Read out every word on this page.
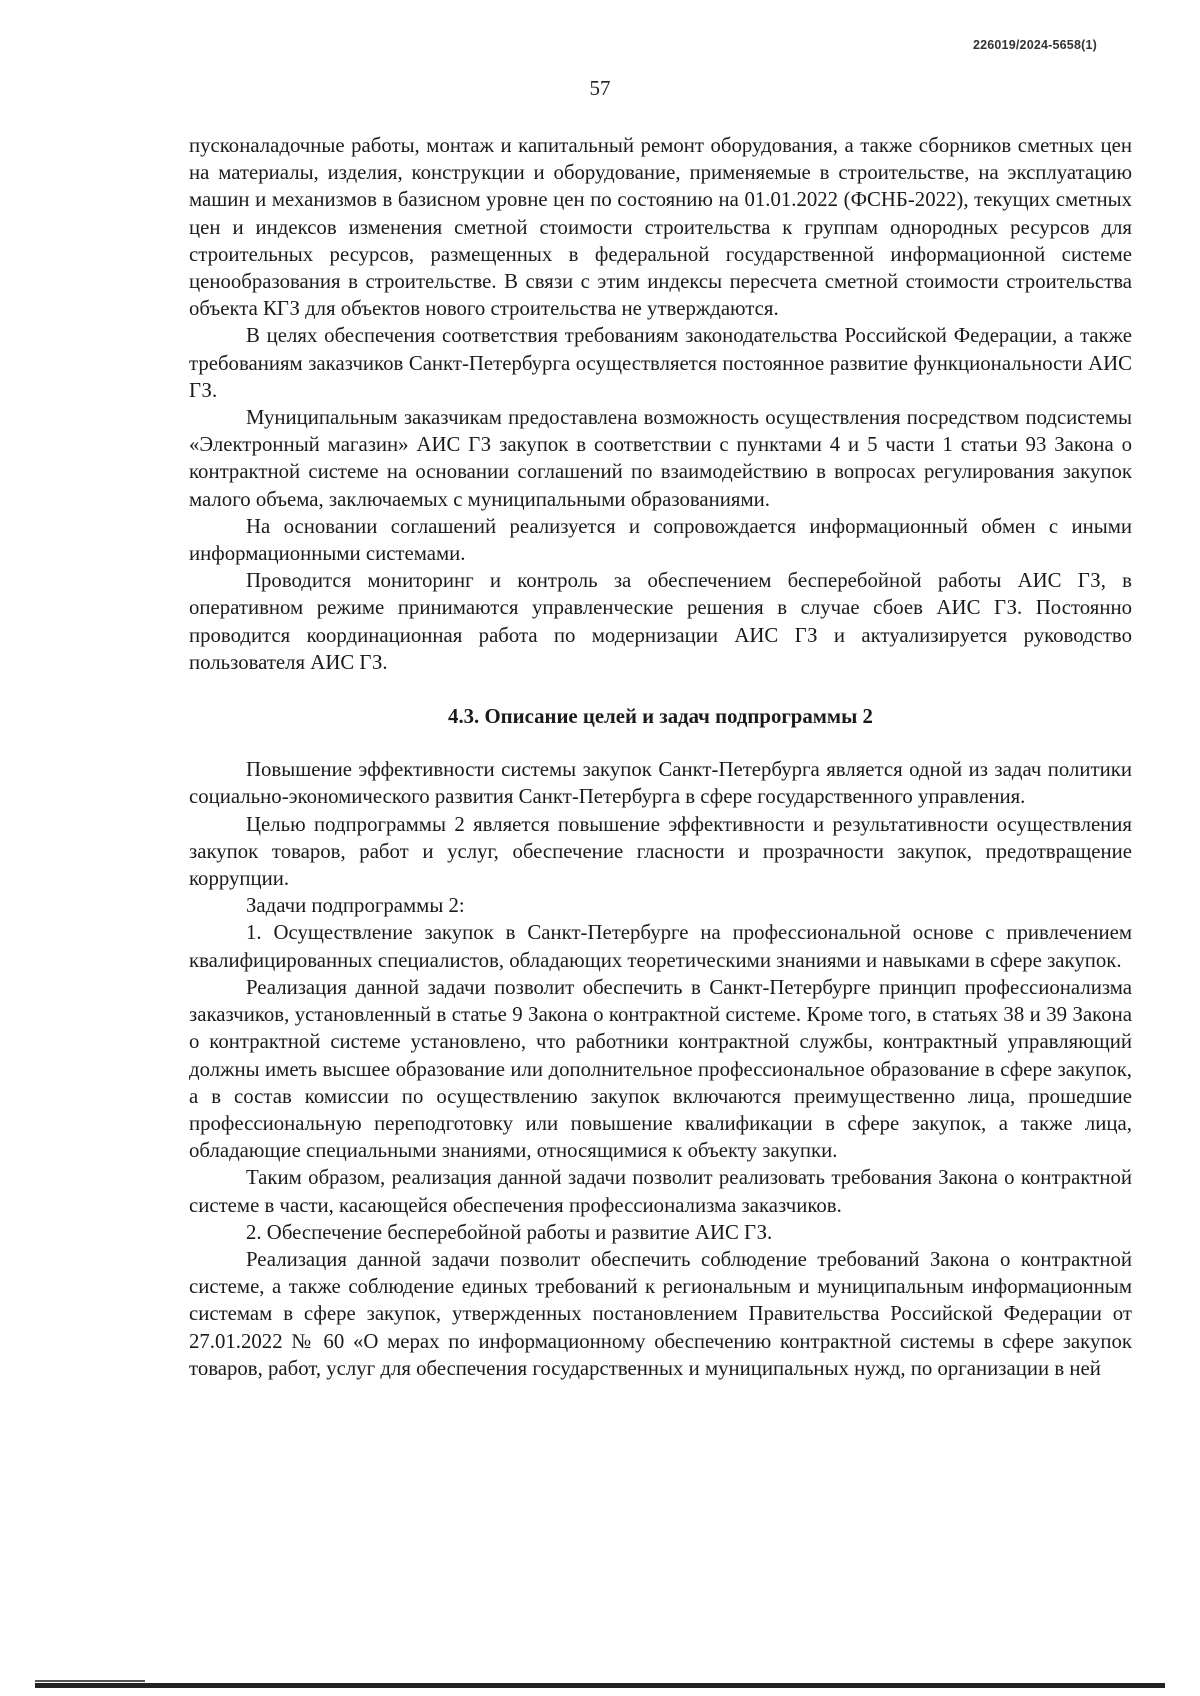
226019/2024-5658(1)
57

пусконаладочные работы, монтаж и капитальный ремонт оборудования, а также сборников сметных цен на материалы, изделия, конструкции и оборудование, применяемые в строительстве, на эксплуатацию машин и механизмов в базисном уровне цен по состоянию на 01.01.2022 (ФСНБ-2022), текущих сметных цен и индексов изменения сметной стоимости строительства к группам однородных ресурсов для строительных ресурсов, размещенных в федеральной государственной информационной системе ценообразования в строительстве. В связи с этим индексы пересчета сметной стоимости строительства объекта КГЗ для объектов нового строительства не утверждаются.

В целях обеспечения соответствия требованиям законодательства Российской Федерации, а также требованиям заказчиков Санкт-Петербурга осуществляется постоянное развитие функциональности АИС ГЗ.

Муниципальным заказчикам предоставлена возможность осуществления посредством подсистемы «Электронный магазин» АИС ГЗ закупок в соответствии с пунктами 4 и 5 части 1 статьи 93 Закона о контрактной системе на основании соглашений по взаимодействию в вопросах регулирования закупок малого объема, заключаемых с муниципальными образованиями.

На основании соглашений реализуется и сопровождается информационный обмен с иными информационными системами.

Проводится мониторинг и контроль за обеспечением бесперебойной работы АИС ГЗ, в оперативном режиме принимаются управленческие решения в случае сбоев АИС ГЗ. Постоянно проводится координационная работа по модернизации АИС ГЗ и актуализируется руководство пользователя АИС ГЗ.

4.3. Описание целей и задач подпрограммы 2

Повышение эффективности системы закупок Санкт-Петербурга является одной из задач политики социально-экономического развития Санкт-Петербурга в сфере государственного управления.

Целью подпрограммы 2 является повышение эффективности и результативности осуществления закупок товаров, работ и услуг, обеспечение гласности и прозрачности закупок, предотвращение коррупции.

Задачи подпрограммы 2:

1. Осуществление закупок в Санкт-Петербурге на профессиональной основе с привлечением квалифицированных специалистов, обладающих теоретическими знаниями и навыками в сфере закупок.

Реализация данной задачи позволит обеспечить в Санкт-Петербурге принцип профессионализма заказчиков, установленный в статье 9 Закона о контрактной системе. Кроме того, в статьях 38 и 39 Закона о контрактной системе установлено, что работники контрактной службы, контрактный управляющий должны иметь высшее образование или дополнительное профессиональное образование в сфере закупок, а в состав комиссии по осуществлению закупок включаются преимущественно лица, прошедшие профессиональную переподготовку или повышение квалификации в сфере закупок, а также лица, обладающие специальными знаниями, относящимися к объекту закупки.

Таким образом, реализация данной задачи позволит реализовать требования Закона о контрактной системе в части, касающейся обеспечения профессионализма заказчиков.

2. Обеспечение бесперебойной работы и развитие АИС ГЗ.

Реализация данной задачи позволит обеспечить соблюдение требований Закона о контрактной системе, а также соблюдение единых требований к региональным и муниципальным информационным системам в сфере закупок, утвержденных постановлением Правительства Российской Федерации от 27.01.2022 № 60 «О мерах по информационному обеспечению контрактной системы в сфере закупок товаров, работ, услуг для обеспечения государственных и муниципальных нужд, по организации в ней
